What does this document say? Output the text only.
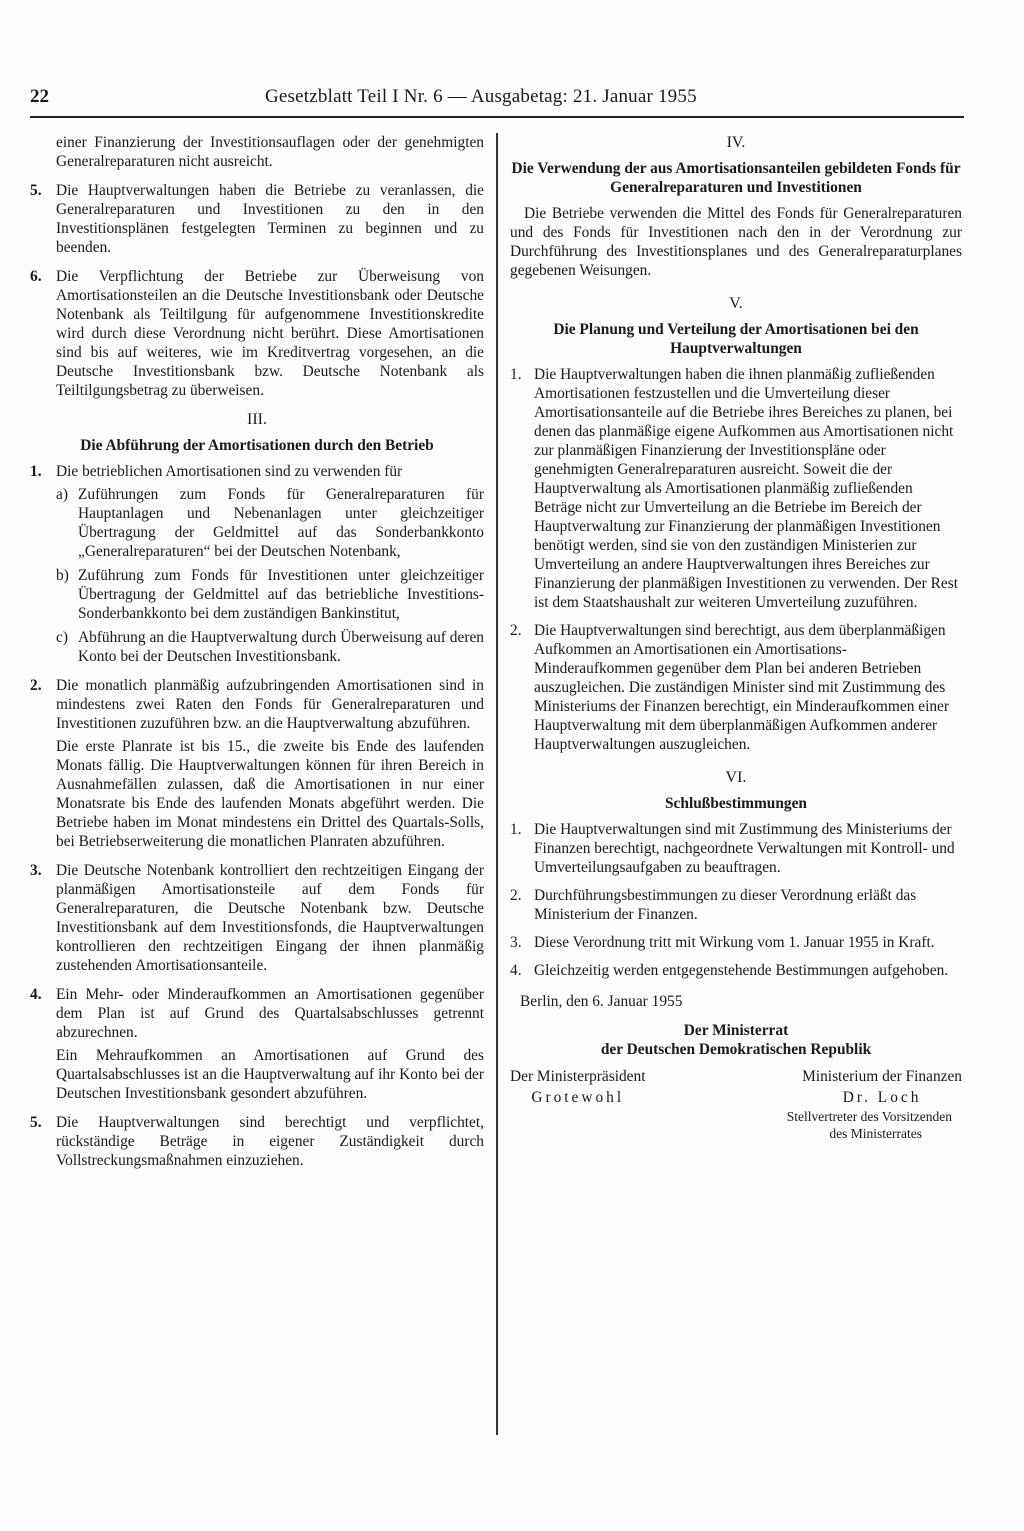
22	Gesetzblatt Teil I Nr. 6 — Ausgabetag: 21. Januar 1955

einer Finanzierung der Investitionsauflagen oder der genehmigten Generalreparaturen nicht ausreicht.

5. Die Hauptverwaltungen haben die Betriebe zu veranlassen, die Generalreparaturen und Investitionen zu den in den Investitionsplänen festgelegten Terminen zu beginnen und zu beenden.
6. Die Verpflichtung der Betriebe zur Überweisung von Amortisationsteilen an die Deutsche Investitionsbank oder Deutsche Notenbank als Teiltilgung für aufgenommene Investitionskredite wird durch diese Verordnung nicht berührt. Diese Amortisationen sind bis auf weiteres, wie im Kreditvertrag vorgesehen, an die Deutsche Investitionsbank bzw. Deutsche Notenbank als Teiltilgungsbetrag zu überweisen.
III.
Die Abführung der Amortisationen durch den Betrieb
1. Die betrieblichen Amortisationen sind zu verwenden für
a) Zuführungen zum Fonds für Generalreparaturen für Hauptanlagen und Nebenanlagen unter gleichzeitiger Übertragung der Geldmittel auf das Sonderbankkonto „Generalreparaturen“ bei der Deutschen Notenbank,
b) Zuführung zum Fonds für Investitionen unter gleichzeitiger Übertragung der Geldmittel auf das betriebliche Investitions-Sonderbankkonto bei dem zuständigen Bankinstitut,
c) Abführung an die Hauptverwaltung durch Überweisung auf deren Konto bei der Deutschen Investitionsbank.
2. Die monatlich planmäßig aufzubringenden Amortisationen sind in mindestens zwei Raten den Fonds für Generalreparaturen und Investitionen zuzuführen bzw. an die Hauptverwaltung abzuführen.
Die erste Planrate ist bis 15., die zweite bis Ende des laufenden Monats fällig. Die Hauptverwaltungen können für ihren Bereich in Ausnahmefällen zulassen, daß die Amortisationen in nur einer Monatsrate bis Ende des laufenden Monats abgeführt werden. Die Betriebe haben im Monat mindestens ein Drittel des Quartals-Solls, bei Betriebserweiterung die monatlichen Planraten abzuführen.
3. Die Deutsche Notenbank kontrolliert den rechtzeitigen Eingang der planmäßigen Amortisationsteile auf dem Fonds für Generalreparaturen, die Deutsche Notenbank bzw. Deutsche Investitionsbank auf dem Investitionsfonds, die Hauptverwaltungen kontrollieren den rechtzeitigen Eingang der ihnen planmäßig zustehenden Amortisationsanteile.
4. Ein Mehr- oder Minderaufkommen an Amortisationen gegenüber dem Plan ist auf Grund des Quartalsabschlusses getrennt abzurechnen.
Ein Mehraufkommen an Amortisationen auf Grund des Quartalsabschlusses ist an die Hauptverwaltung auf ihr Konto bei der Deutschen Investitionsbank gesondert abzuführen.
5. Die Hauptverwaltungen sind berechtigt und verpflichtet, rückständige Beträge in eigener Zuständigkeit durch Vollstreckungsmaßnahmen einzuziehen.
IV.
Die Verwendung der aus Amortisationsanteilen gebildeten Fonds für Generalreparaturen und Investitionen

Die Betriebe verwenden die Mittel des Fonds für Generalreparaturen und des Fonds für Investitionen nach den in der Verordnung zur Durchführung des Investitionsplanes und des Generalreparaturplanes gegebenen Weisungen.

V.
Die Planung und Verteilung der Amortisationen bei den Hauptverwaltungen
1. Die Hauptverwaltungen haben die ihnen planmäßig zufließenden Amortisationen festzustellen und die Umverteilung dieser Amortisationsanteile auf die Betriebe ihres Bereiches zu planen, bei denen das planmäßige eigene Aufkommen aus Amortisationen nicht zur planmäßigen Finanzierung der Investitionspläne oder genehmigten Generalreparaturen ausreicht. Soweit die der Hauptverwaltung als Amortisationen planmäßig zufließenden Beträge nicht zur Umverteilung an die Betriebe im Bereich der Hauptverwaltung zur Finanzierung der planmäßigen Investitionen benötigt werden, sind sie von den zuständigen Ministerien zur Umverteilung an andere Hauptverwaltungen ihres Bereiches zur Finanzierung der planmäßigen Investitionen zu verwenden. Der Rest ist dem Staatshaushalt zur weiteren Umverteilung zuzuführen.
2. Die Hauptverwaltungen sind berechtigt, aus dem überplanmäßigen Aufkommen an Amortisationen ein Amortisations-Minderaufkommen gegenüber dem Plan bei anderen Betrieben auszugleichen. Die zuständigen Minister sind mit Zustimmung des Ministeriums der Finanzen berechtigt, ein Minderaufkommen einer Hauptverwaltung mit dem überplanmäßigen Aufkommen anderer Hauptverwaltungen auszugleichen.
VI.
Schlußbestimmungen
1. Die Hauptverwaltungen sind mit Zustimmung des Ministeriums der Finanzen berechtigt, nachgeordnete Verwaltungen mit Kontroll- und Umverteilungsaufgaben zu beauftragen.
2. Durchführungsbestimmungen zu dieser Verordnung erläßt das Ministerium der Finanzen.
3. Diese Verordnung tritt mit Wirkung vom 1. Januar 1955 in Kraft.
4. Gleichzeitig werden entgegenstehende Bestimmungen aufgehoben.
Berlin, den 6. Januar 1955
Der Ministerrat
der Deutschen Demokratischen Republik
Der Ministerpräsident
Grotewohl
Ministerium der Finanzen
Dr. Loch
Stellvertreter des Vorsitzenden
des Ministerrates
